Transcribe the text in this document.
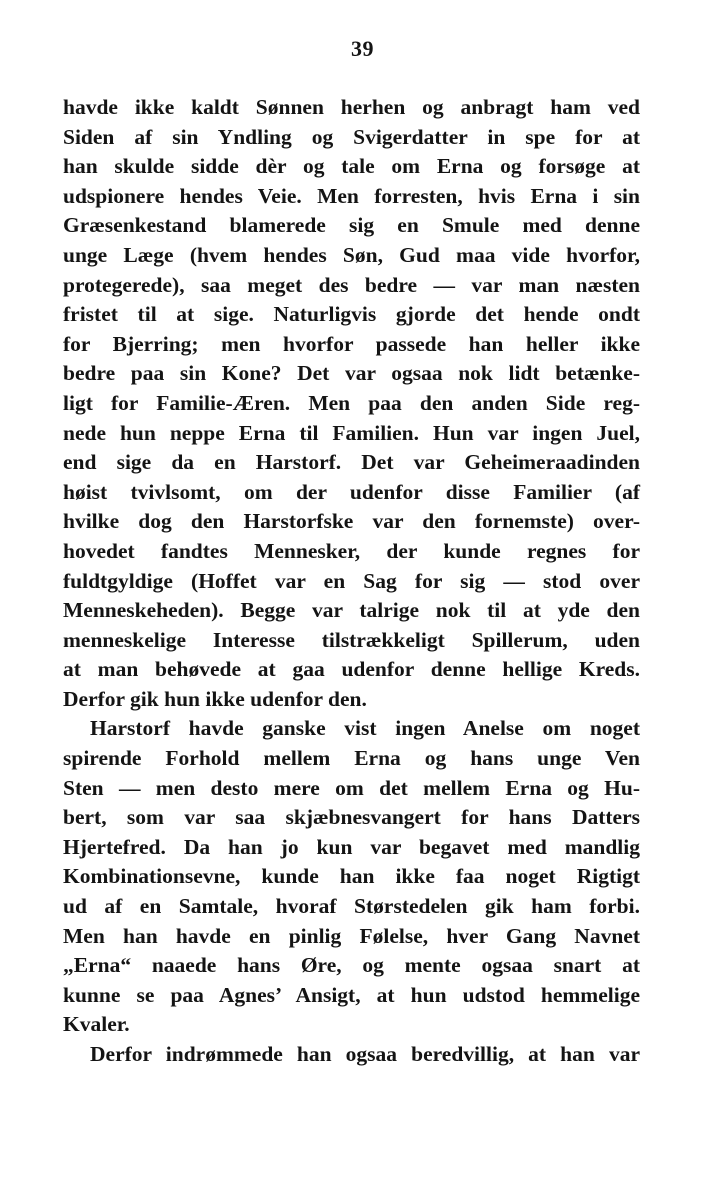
39
havde ikke kaldt Sønnen herhen og anbragt ham ved
Siden af sin Yndling og Svigerdatter in spe for at
han skulde sidde dèr og tale om Erna og forsøge at
udspionere hendes Veie. Men forresten, hvis Erna i sin
Græsenkestand blamerede sig en Smule med denne
unge Læge (hvem hendes Søn, Gud maa vide hvorfor,
protegerede), saa meget des bedre — var man næsten
fristet til at sige. Naturligvis gjorde det hende ondt
for Bjerring; men hvorfor passede han heller ikke
bedre paa sin Kone? Det var ogsaa nok lidt betænke-
ligt for Familie-Æren. Men paa den anden Side reg-
nede hun neppe Erna til Familien. Hun var ingen Juel,
end sige da en Harstorf. Det var Geheimeraadinden
høist tvivlsomt, om der udenfor disse Familier (af
hvilke dog den Harstorfske var den fornemste) over-
hovedet fandtes Mennesker, der kunde regnes for
fuldtgyldige (Hoffet var en Sag for sig — stod over
Menneskeheden). Begge var talrige nok til at yde den
menneskelige Interesse tilstrækkeligt Spillerum, uden
at man behøvede at gaa udenfor denne hellige Kreds.
Derfor gik hun ikke udenfor den.
Harstorf havde ganske vist ingen Anelse om noget
spirende Forhold mellem Erna og hans unge Ven
Sten — men desto mere om det mellem Erna og Hu-
bert, som var saa skjæbnesvangert for hans Datters
Hjertefred. Da han jo kun var begavet med mandlig
Kombinationsevne, kunde han ikke faa noget Rigtigt
ud af en Samtale, hvoraf Størstedelen gik ham forbi.
Men han havde en pinlig Følelse, hver Gang Navnet
„Erna“ naaede hans Øre, og mente ogsaa snart at
kunne se paa Agnes’ Ansigt, at hun udstod hemmelige
Kvaler.
Derfor indrømmede han ogsaa beredvillig, at han var
